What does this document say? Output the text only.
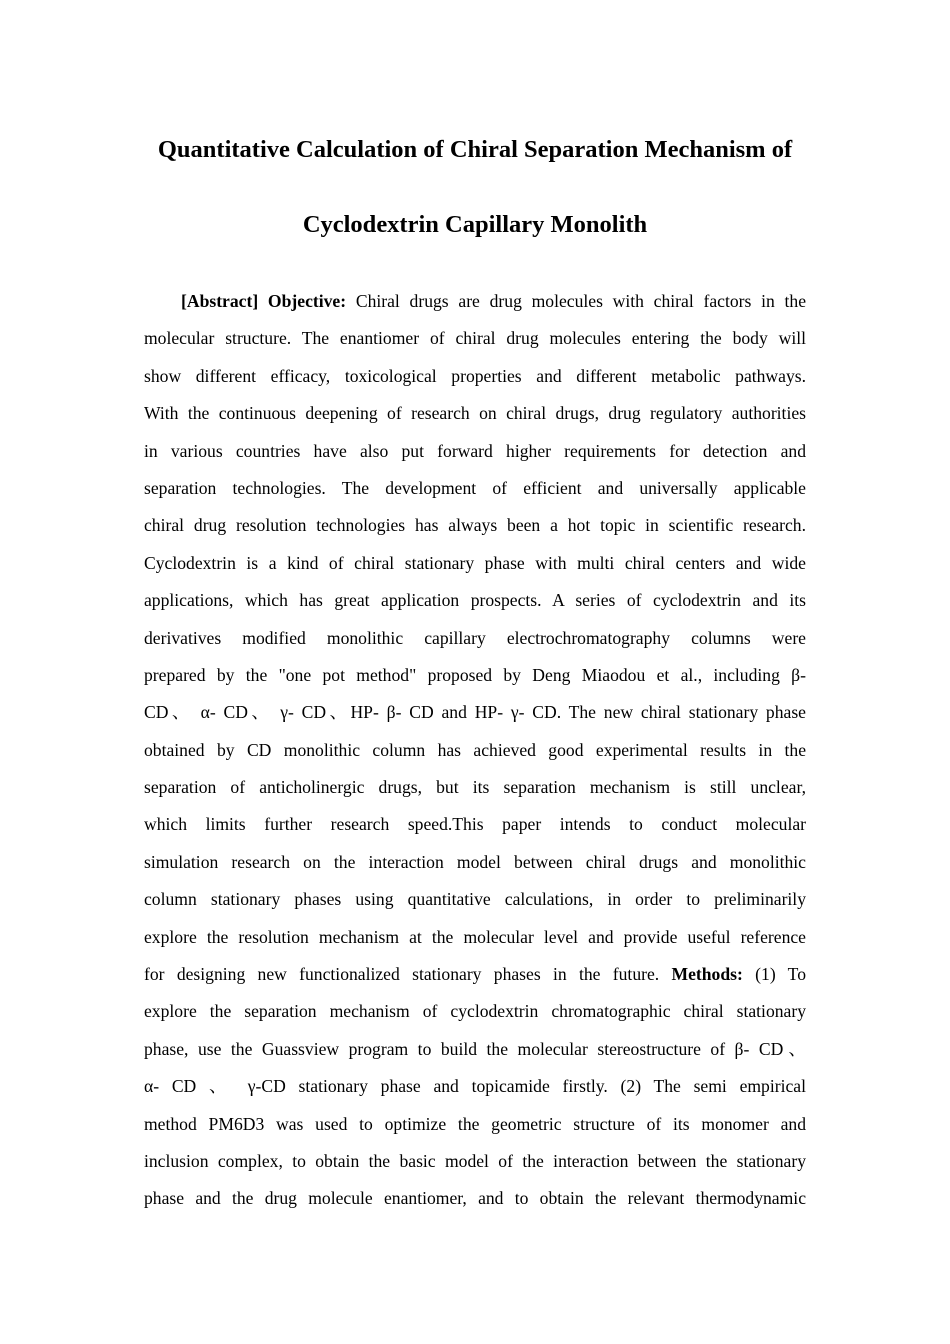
Quantitative Calculation of Chiral Separation Mechanism of
Cyclodextrin Capillary Monolith
[Abstract] Objective: Chiral drugs are drug molecules with chiral factors in the
molecular structure. The enantiomer of chiral drug molecules entering the body will
show different efficacy, toxicological properties and different metabolic pathways.
With the continuous deepening of research on chiral drugs, drug regulatory authorities
in various countries have also put forward higher requirements for detection and
separation technologies. The development of efficient and universally applicable
chiral drug resolution technologies has always been a hot topic in scientific research.
Cyclodextrin is a kind of chiral stationary phase with multi chiral centers and wide
applications, which has great application prospects. A series of cyclodextrin and its
derivatives modified monolithic capillary electrochromatography columns were
prepared by the "one pot method" proposed by Deng Miaodou et al., including β-
CD、 α- CD、 γ- CD、HP- β- CD and HP- γ- CD. The new chiral stationary phase
obtained by CD monolithic column has achieved good experimental results in the
separation of anticholinergic drugs, but its separation mechanism is still unclear,
which limits further research speed.This paper intends to conduct molecular
simulation research on the interaction model between chiral drugs and monolithic
column stationary phases using quantitative calculations, in order to preliminarily
explore the resolution mechanism at the molecular level and provide useful reference
for designing new functionalized stationary phases in the future. Methods: (1) To
explore the separation mechanism of cyclodextrin chromatographic chiral stationary
phase, use the Guassview program to build the molecular stereostructure of β- CD、
α- CD 、 γ-CD stationary phase and topicamide firstly. (2) The semi empirical
method PM6D3 was used to optimize the geometric structure of its monomer and
inclusion complex, to obtain the basic model of the interaction between the stationary
phase and the drug molecule enantiomer, and to obtain the relevant thermodynamic
